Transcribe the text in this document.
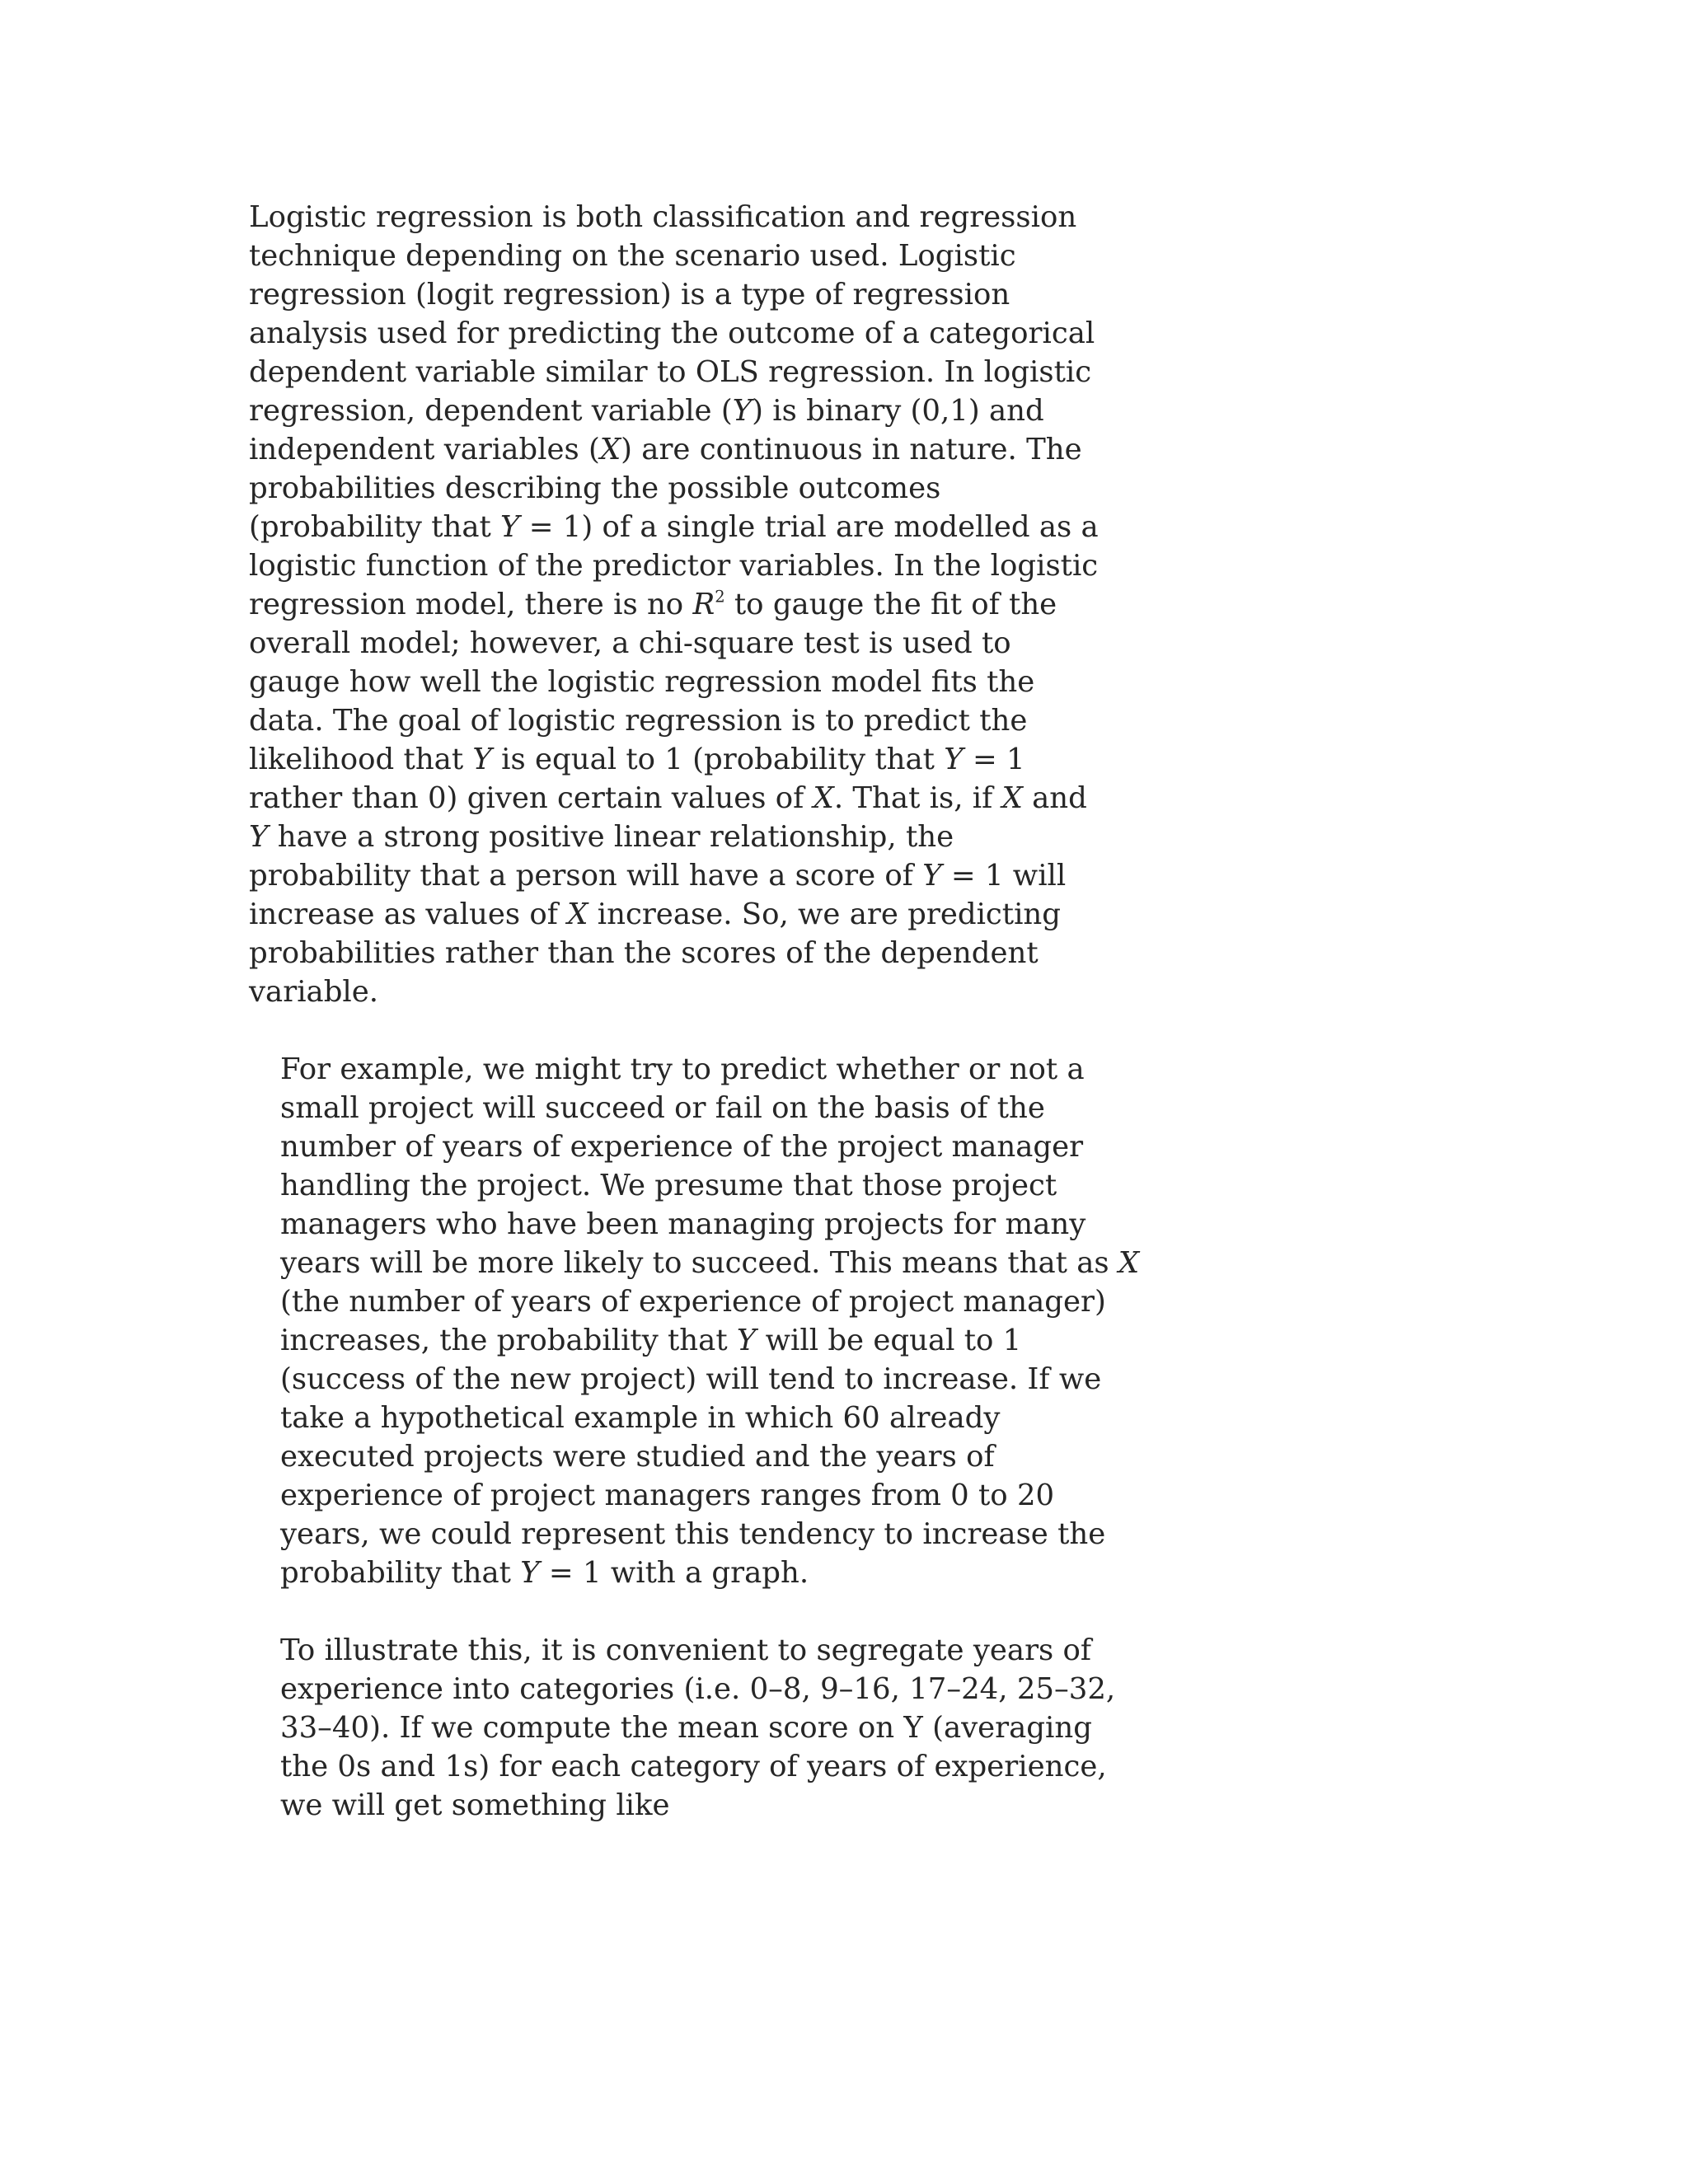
Logistic regression is both classification and regression
technique depending on the scenario used. Logistic
regression (logit regression) is a type of regression
analysis used for predicting the outcome of a categorical
dependent variable similar to OLS regression. In logistic
regression, dependent variable (Y) is binary (0,1) and
independent variables (X) are continuous in nature. The
probabilities describing the possible outcomes
(probability that Y = 1) of a single trial are modelled as a
logistic function of the predictor variables. In the logistic
regression model, there is no $R^2$ to gauge the fit of the
overall model; however, a chi-square test is used to
gauge how well the logistic regression model fits the
data. The goal of logistic regression is to predict the
likelihood that Y is equal to 1 (probability that Y = 1
rather than 0) given certain values of X. That is, if X and
Y have a strong positive linear relationship, the
probability that a person will have a score of Y = 1 will
increase as values of X increase. So, we are predicting
probabilities rather than the scores of the dependent
variable.

For example, we might try to predict whether or not a
small project will succeed or fail on the basis of the
number of years of experience of the project manager
handling the project. We presume that those project
managers who have been managing projects for many
years will be more likely to succeed. This means that as X
(the number of years of experience of project manager)
increases, the probability that Y will be equal to 1
(success of the new project) will tend to increase. If we
take a hypothetical example in which 60 already
executed projects were studied and the years of
experience of project managers ranges from 0 to 20
years, we could represent this tendency to increase the
probability that Y = 1 with a graph.

To illustrate this, it is convenient to segregate years of
experience into categories (i.e. 0–8, 9–16, 17–24, 25–32,
33–40). If we compute the mean score on Y (averaging
the 0s and 1s) for each category of years of experience,
we will get something like
